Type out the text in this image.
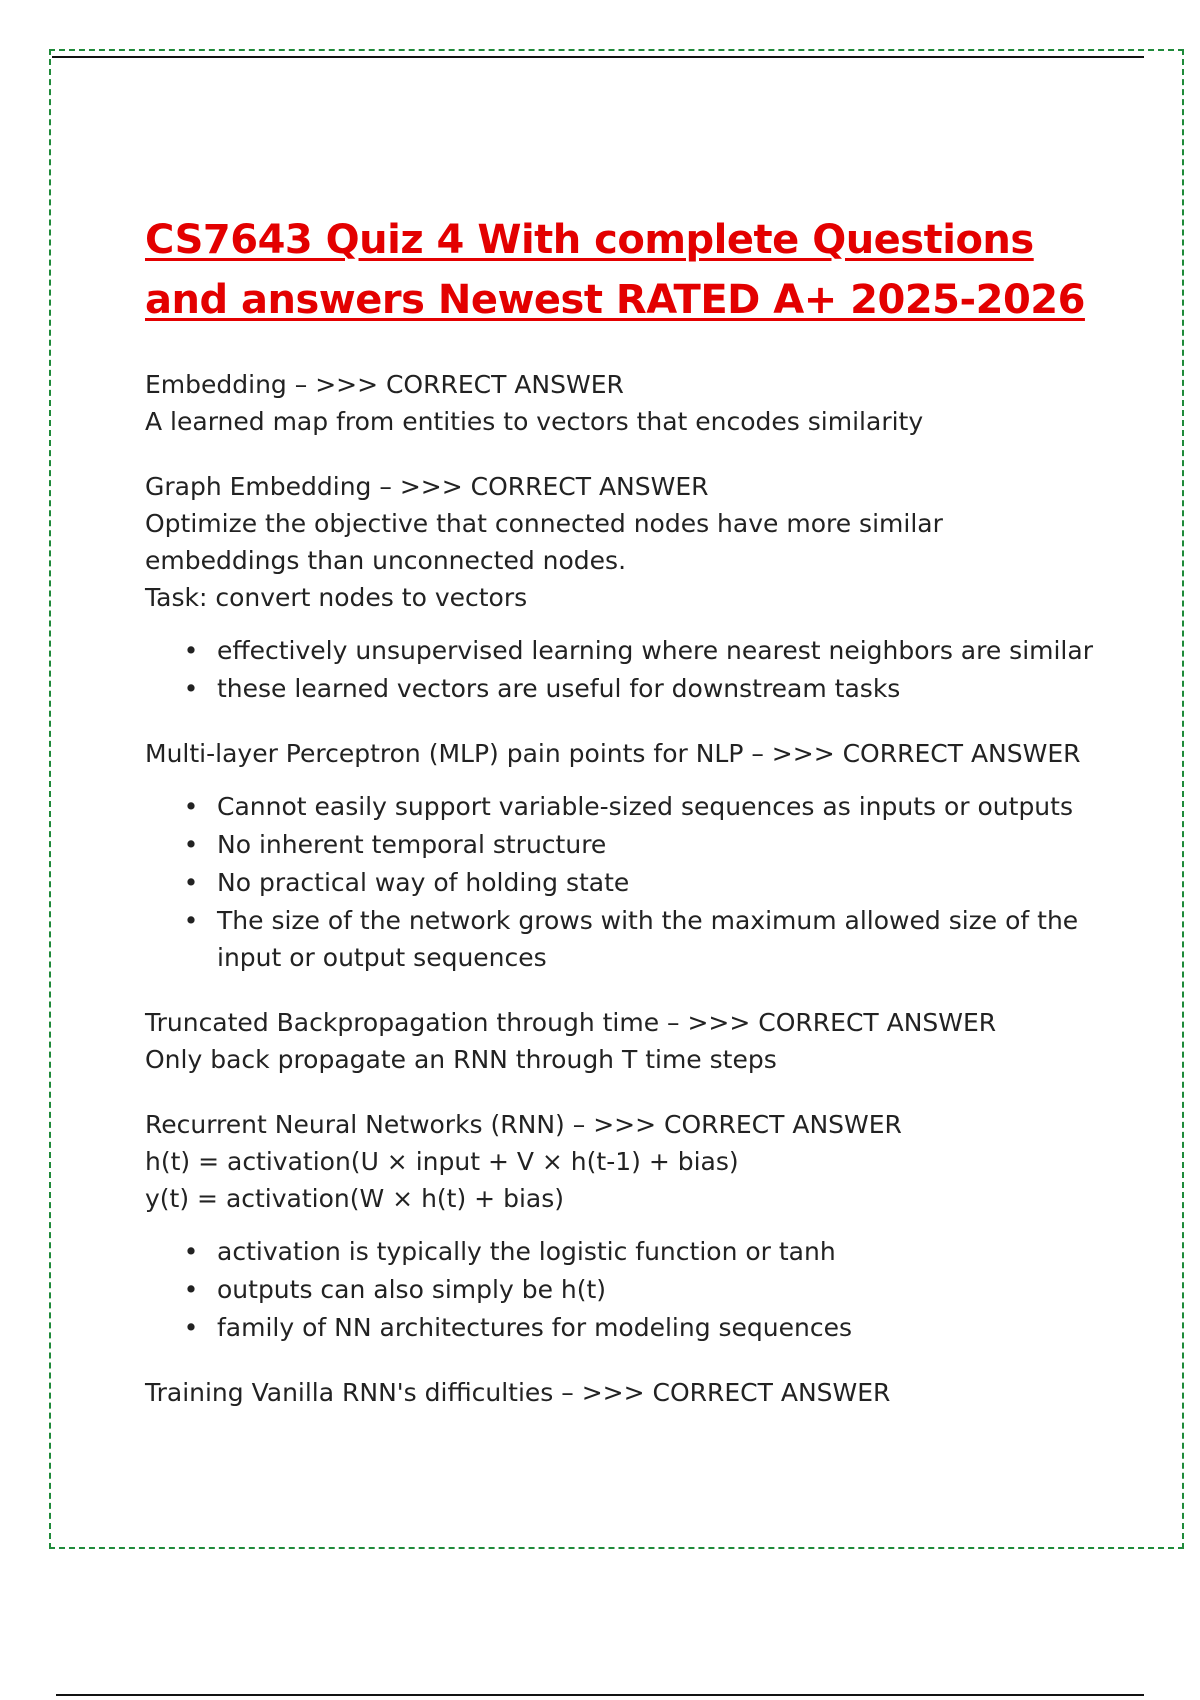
CS7643 Quiz 4 With complete Questions and answers Newest RATED A+ 2025-2026

Embedding – >>> CORRECT ANSWER

A learned map from entities to vectors that encodes similarity

Graph Embedding – >>> CORRECT ANSWER

Optimize the objective that connected nodes have more similar

embeddings than unconnected nodes.

Task: convert nodes to vectors

• effectively unsupervised learning where nearest neighbors are similar
• these learned vectors are useful for downstream tasks

Multi-layer Perceptron (MLP) pain points for NLP – >>> CORRECT ANSWER

• Cannot easily support variable-sized sequences as inputs or outputs
• No inherent temporal structure
• No practical way of holding state
• The size of the network grows with the maximum allowed size of the input or output sequences

Truncated Backpropagation through time – >>> CORRECT ANSWER

Only back propagate an RNN through T time steps

Recurrent Neural Networks (RNN) – >>> CORRECT ANSWER

h(t) = activation(U × input + V × h(t-1) + bias)

y(t) = activation(W × h(t) + bias)

• activation is typically the logistic function or tanh
• outputs can also simply be h(t)
• family of NN architectures for modeling sequences

Training Vanilla RNN's difficulties – >>> CORRECT ANSWER
